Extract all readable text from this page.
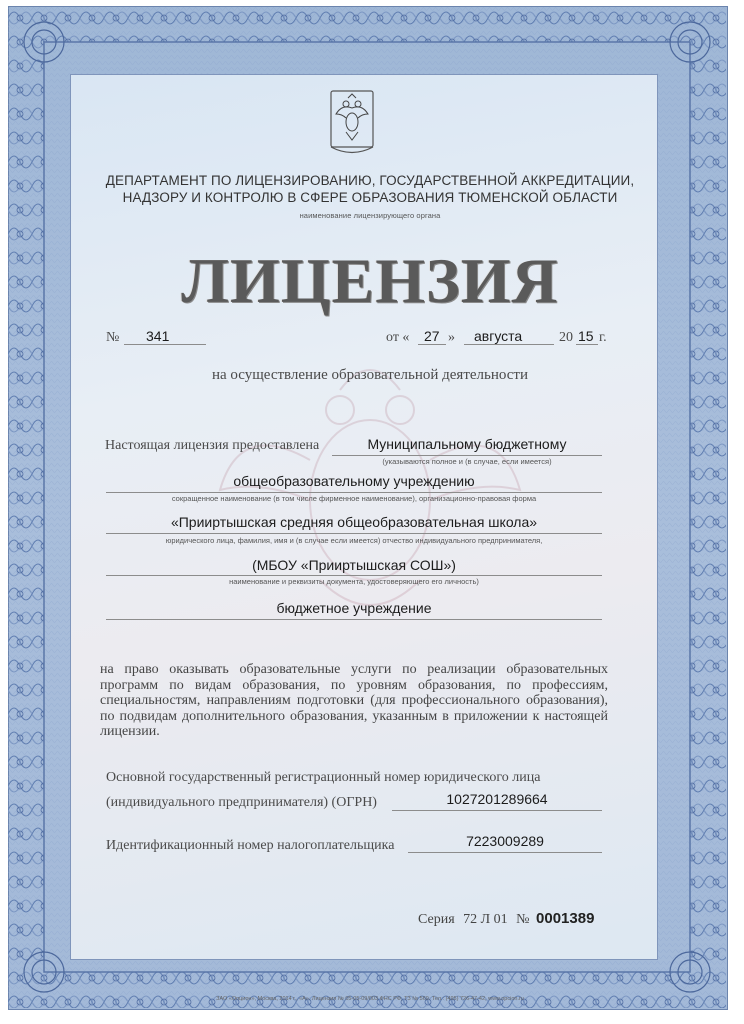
ДЕПАРТАМЕНТ ПО ЛИЦЕНЗИРОВАНИЮ, ГОСУДАРСТВЕННОЙ АККРЕДИТАЦИИ,
НАДЗОРУ И КОНТРОЛЮ В СФЕРЕ ОБРАЗОВАНИЯ ТЮМЕНСКОЙ ОБЛАСТИ
наименование лицензирующего органа
ЛИЦЕНЗИЯ
№ 341	от « 27 » августа	20 15 г.
на осуществление образовательной деятельности
Настоящая лицензия предоставлена	Муниципальному бюджетному
(указываются полное и (в случае, если имеется)
общеобразовательному учреждению
сокращенное наименование (в том числе фирменное наименование), организационно-правовая форма
«Прииртышская средняя общеобразовательная школа»
юридического лица, фамилия, имя и (в случае если имеется) отчество индивидуального предпринимателя,
(МБОУ «Прииртышская СОШ»)
наименование и реквизиты документа, удостоверяющего его личность)
бюджетное учреждение
на право оказывать образовательные услуги по реализации образовательных программ по видам образования, по уровням образования, по профессиям, специальностям, направлениям подготовки (для профессионального образования), по подвидам дополнительного образования, указанным в приложении к настоящей лицензии.
Основной государственный регистрационный номер юридического лица
(индивидуального предпринимателя) (ОГРН)	1027201289664
Идентификационный номер налогоплательщика	7223009289
Серия 72 Л 01 № 0001389
ЗАО «Опцион», Москва, 2014 г., «А». Лицензия № 05-05-09/003 ФНС РФ, ТЗ № 569. Тел.: (495) 726-47-42, www.opcion.ru
